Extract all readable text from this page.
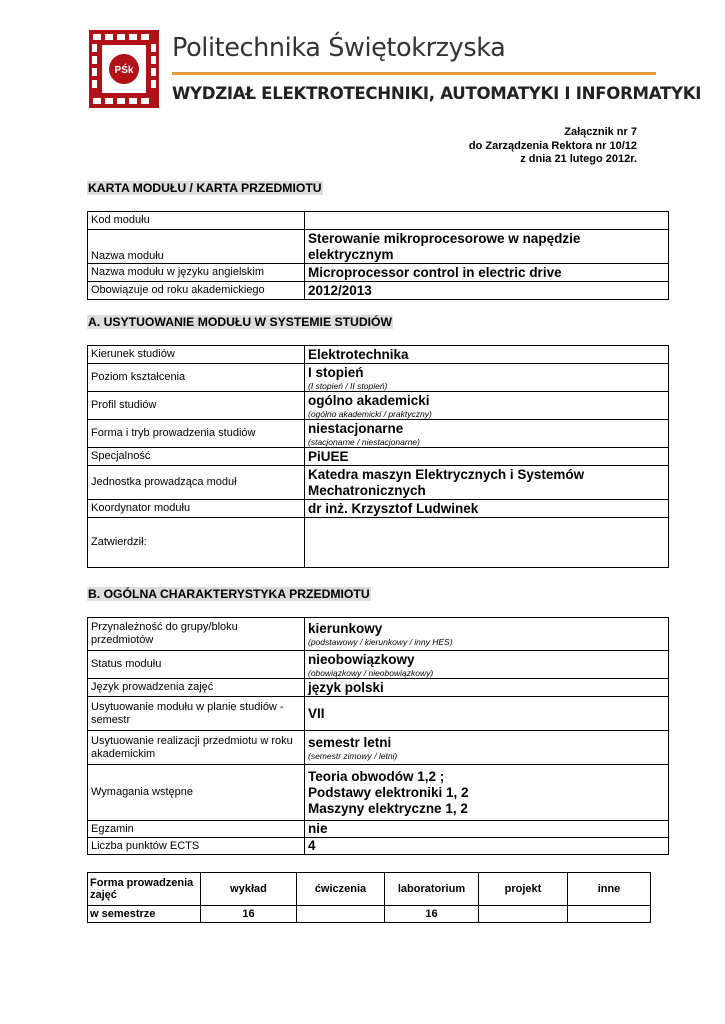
PŚk
Politechnika Świętokrzyska
WYDZIAŁ ELEKTROTECHNIKI, AUTOMATYKI I INFORMATYKI
Załącznik nr 7
do Zarządzenia Rektora nr 10/12
z dnia 21 lutego 2012r.
KARTA MODUŁU / KARTA PRZEDMIOTU
Kod modułu	
Nazwa modułu	Sterowanie mikroprocesorowe w napędzie elektrycznym
Nazwa modułu w języku angielskim	Microprocessor control in electric drive
Obowiązuje od roku akademickiego	2012/2013
A. USYTUOWANIE MODUŁU W SYSTEMIE STUDIÓW
Kierunek studiów	Elektrotechnika
Poziom kształcenia	I stopień
(I stopień / II stopień)

Profil studiów	ogólno akademicki
(ogólno akademicki / praktyczny)

Forma i tryb prowadzenia studiów	niestacjonarne
(stacjonarne / niestacjonarne)

Specjalność	PiUEE
Jednostka prowadząca moduł	Katedra maszyn Elektrycznych i Systemów Mechatronicznych
Koordynator modułu	dr inż. Krzysztof Ludwinek
Zatwierdził:	
B. OGÓLNA CHARAKTERYSTYKA PRZEDMIOTU
Przynależność do grupy/bloku przedmiotów	kierunkowy
(podstawowy / kierunkowy / inny HES)

Status modułu	nieobowiązkowy
(obowiązkowy / nieobowiązkowy)

Język prowadzenia zajęć	język polski
Usytuowanie modułu w planie studiów - semestr	VII
Usytuowanie realizacji przedmiotu w roku akademickim	semestr letni
(semestr zimowy / letni)

Wymagania wstępne	Teoria obwodów 1,2 ;
Podstawy elektroniki 1, 2
Maszyny elektryczne 1, 2

Egzamin	nie
Liczba punktów ECTS	4
Forma prowadzenia zajęć	wykład	ćwiczenia	laboratorium	projekt	inne
w semestrze	16		16		
